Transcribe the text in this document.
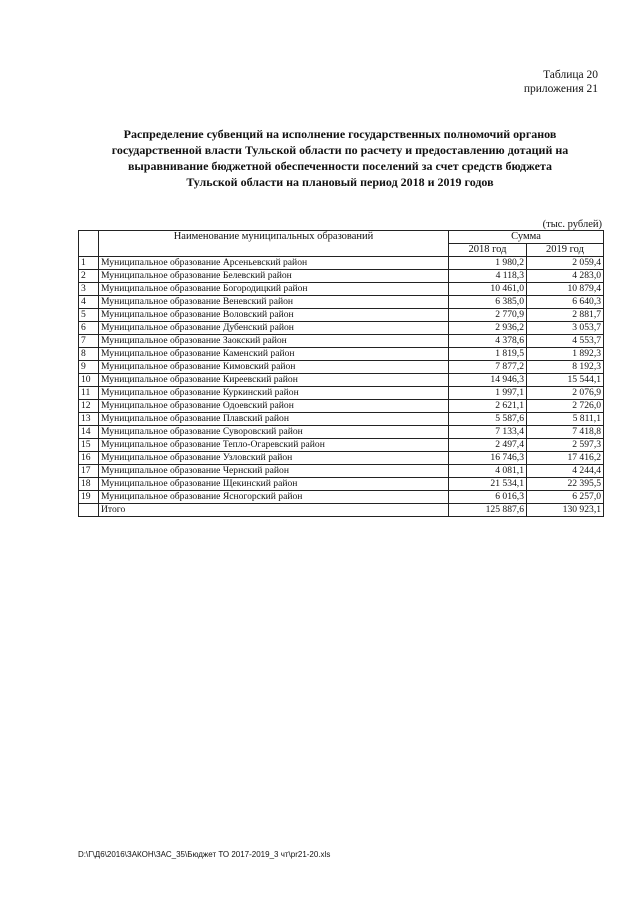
Таблица 20
приложения 21
Распределение субвенций на исполнение государственных полномочий органов
государственной власти Тульской области по расчету и предоставлению дотаций на
выравнивание бюджетной обеспеченности поселений за счет средств бюджета
Тульской области на плановый период 2018 и 2019 годов
(тыс. рублей)
	Наименование муниципальных образований	Сумма	
		2018 год	2019 год
1	Муниципальное образование Арсеньевский район	1 980,2	2 059,4
2	Муниципальное образование Белевский район	4 118,3	4 283,0
3	Муниципальное образование Богородицкий район	10 461,0	10 879,4
4	Муниципальное образование Веневский район	6 385,0	6 640,3
5	Муниципальное образование Воловский район	2 770,9	2 881,7
6	Муниципальное образование Дубенский район	2 936,2	3 053,7
7	Муниципальное образование Заокский район	4 378,6	4 553,7
8	Муниципальное образование Каменский район	1 819,5	1 892,3
9	Муниципальное образование Кимовский район	7 877,2	8 192,3
10	Муниципальное образование Киреевский район	14 946,3	15 544,1
11	Муниципальное образование Куркинский район	1 997,1	2 076,9
12	Муниципальное образование Одоевский район	2 621,1	2 726,0
13	Муниципальное образование Плавский район	5 587,6	5 811,1
14	Муниципальное образование Суворовский район	7 133,4	7 418,8
15	Муниципальное образование Тепло-Огаревский район	2 497,4	2 597,3
16	Муниципальное образование Узловский район	16 746,3	17 416,2
17	Муниципальное образование Чернский район	4 081,1	4 244,4
18	Муниципальное образование Щекинский район	21 534,1	22 395,5
19	Муниципальное образование Ясногорский район	6 016,3	6 257,0
	Итого	125 887,6	130 923,1
D:\Г\Д6\2016\ЗАКОН\ЗАС_35\Бюджет ТО 2017-2019_3 чт\pr21-20.xls
